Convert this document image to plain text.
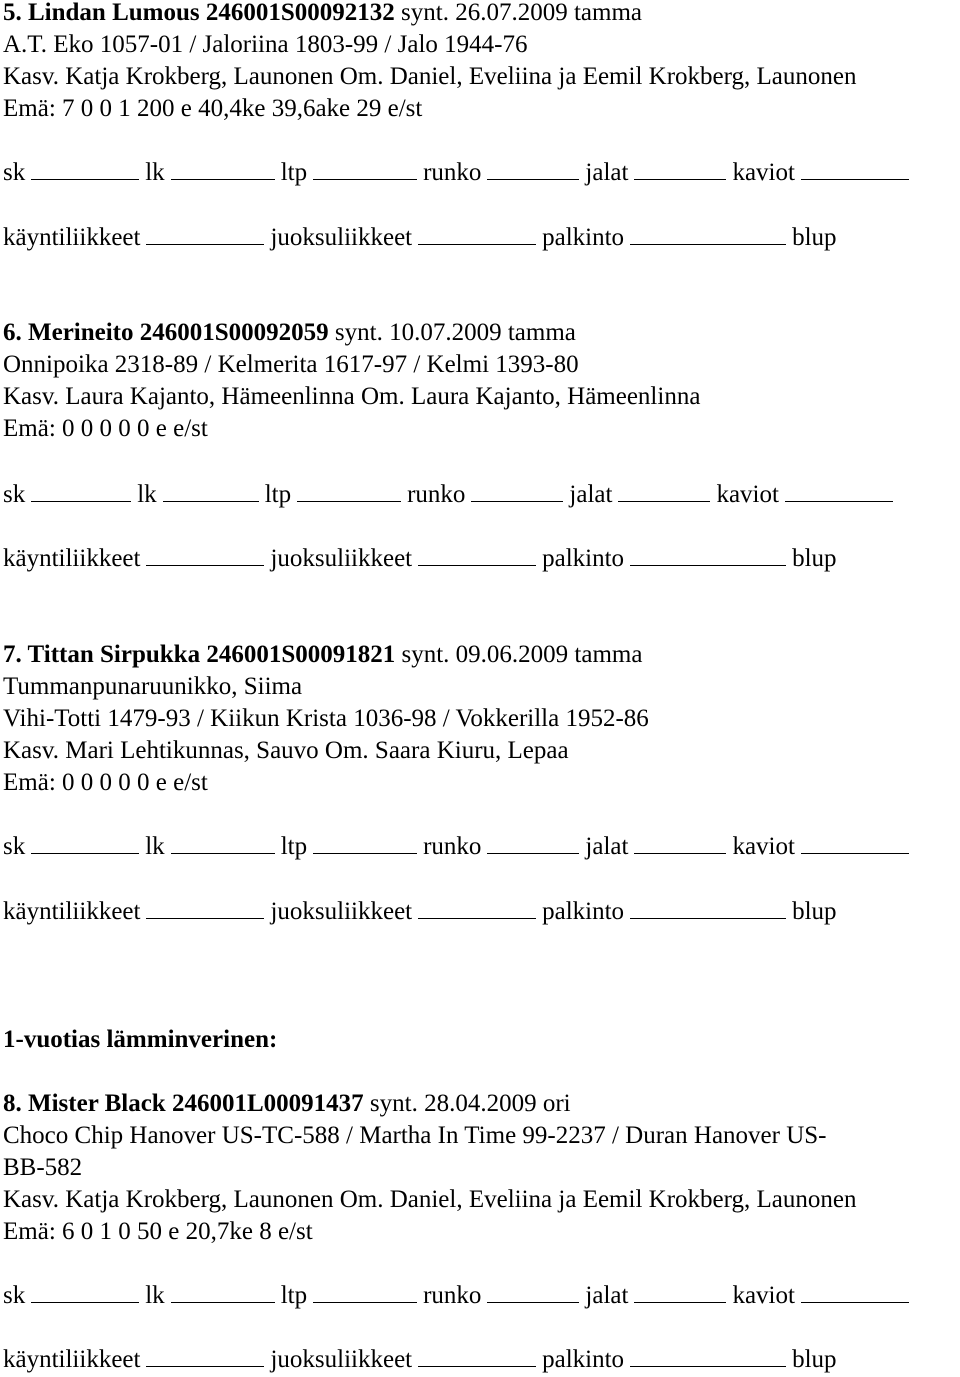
5. Lindan Lumous 246001S00092132 synt. 26.07.2009 tamma
A.T. Eko 1057-01 / Jaloriina 1803-99 / Jalo 1944-76
Kasv. Katja Krokberg, Launonen Om. Daniel, Eveliina ja Eemil Krokberg, Launonen
Emä: 7 0 0 1 200 e 40,4ke 39,6ake 29 e/st
sk	lk	ltp	runko	jalat	kaviot
käyntiliikkeet	juoksuliikkeet	palkinto	blup
6. Merineito 246001S00092059 synt. 10.07.2009 tamma
Onnipoika 2318-89 / Kelmerita 1617-97 / Kelmi 1393-80
Kasv. Laura Kajanto, Hämeenlinna Om. Laura Kajanto, Hämeenlinna
Emä: 0 0 0 0 0 e e/st
sk	lk	ltp	runko	jalat	kaviot
käyntiliikkeet	juoksuliikkeet	palkinto	blup
7. Tittan Sirpukka 246001S00091821 synt. 09.06.2009 tamma
Tummanpunaruunikko, Siima
Vihi-Totti 1479-93 / Kiikun Krista 1036-98 / Vokkerilla 1952-86
Kasv. Mari Lehtikunnas, Sauvo Om. Saara Kiuru, Lepaa
Emä: 0 0 0 0 0 e e/st
sk	lk	ltp	runko	jalat	kaviot
käyntiliikkeet	juoksuliikkeet	palkinto	blup
1-vuotias lämminverinen:
8. Mister Black 246001L00091437 synt. 28.04.2009 ori
Choco Chip Hanover US-TC-588 / Martha In Time 99-2237 / Duran Hanover US-
BB-582
Kasv. Katja Krokberg, Launonen Om. Daniel, Eveliina ja Eemil Krokberg, Launonen
Emä: 6 0 1 0 50 e 20,7ke 8 e/st
sk	lk	ltp	runko	jalat	kaviot
käyntiliikkeet	juoksuliikkeet	palkinto	blup
